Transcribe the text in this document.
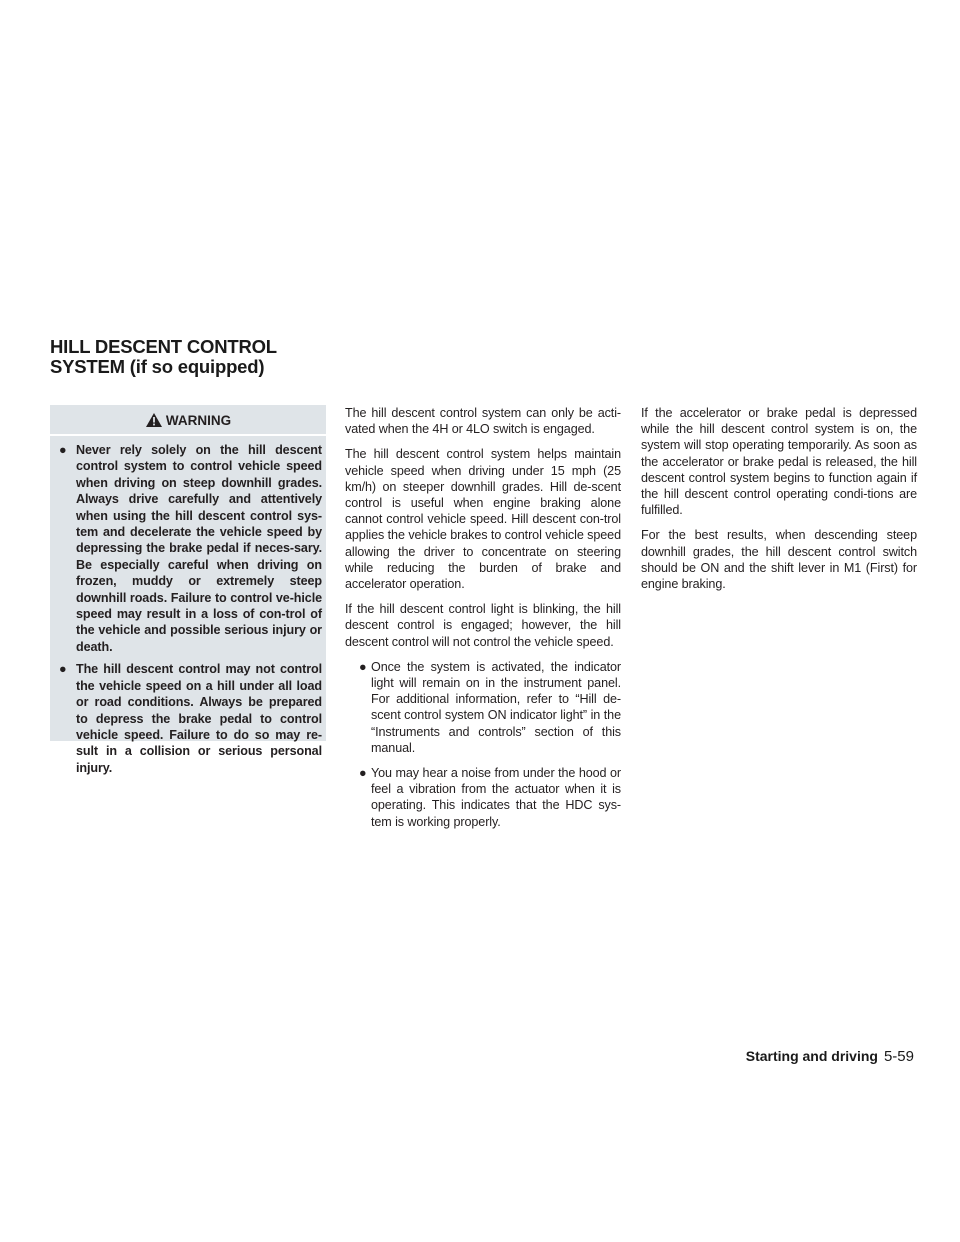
HILL DESCENT CONTROL SYSTEM (if so equipped)
WARNING
● Never rely solely on the hill descent control system to control vehicle speed when driving on steep downhill grades. Always drive carefully and attentively when using the hill descent control sys-tem and decelerate the vehicle speed by depressing the brake pedal if neces-sary. Be especially careful when driving on frozen, muddy or extremely steep downhill roads. Failure to control ve-hicle speed may result in a loss of con-trol of the vehicle and possible serious injury or death.
● The hill descent control may not control the vehicle speed on a hill under all load or road conditions. Always be prepared to depress the brake pedal to control vehicle speed. Failure to do so may re-sult in a collision or serious personal injury.

The hill descent control system can only be acti-vated when the 4H or 4LO switch is engaged.

The hill descent control system helps maintain vehicle speed when driving under 15 mph (25 km/h) on steeper downhill grades. Hill de-scent control is useful when engine braking alone cannot control vehicle speed. Hill descent con-trol applies the vehicle brakes to control vehicle speed allowing the driver to concentrate on steering while reducing the burden of brake and accelerator operation.

If the hill descent control light is blinking, the hill descent control is engaged; however, the hill descent control will not control the vehicle speed.

● Once the system is activated, the indicator light will remain on in the instrument panel. For additional information, refer to “Hill de-scent control system ON indicator light” in the “Instruments and controls” section of this manual.
● You may hear a noise from under the hood or feel a vibration from the actuator when it is operating. This indicates that the HDC sys-tem is working properly.

If the accelerator or brake pedal is depressed while the hill descent control system is on, the system will stop operating temporarily. As soon as the accelerator or brake pedal is released, the hill descent control system begins to function again if the hill descent control operating condi-tions are fulfilled.

For the best results, when descending steep downhill grades, the hill descent control switch should be ON and the shift lever in M1 (First) for engine braking.

Starting and driving 5-59
